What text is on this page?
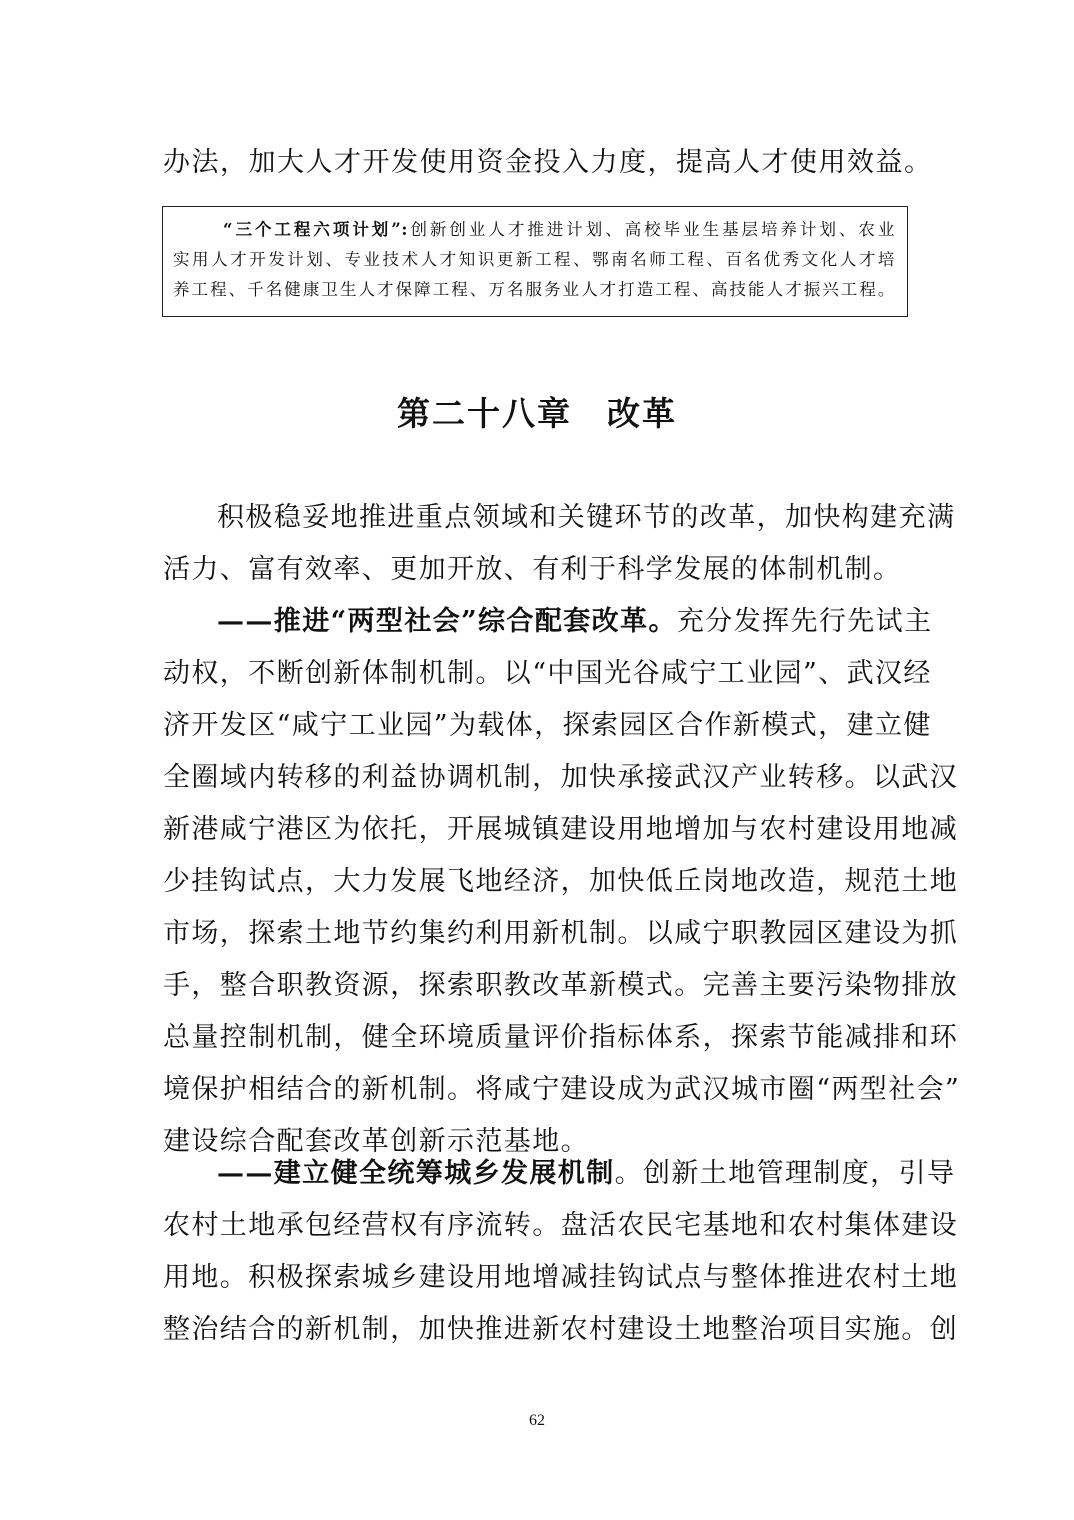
办法，加大人才开发使用资金投入力度，提高人才使用效益。
“三个工程六项计划”:创新创业人才推进计划、高校毕业生基层培养计划、农业
实用人才开发计划、专业技术人才知识更新工程、鄂南名师工程、百名优秀文化人才培
养工程、千名健康卫生人才保障工程、万名服务业人才打造工程、高技能人才振兴工程。
第二十八章　改革
积极稳妥地推进重点领域和关键环节的改革，加快构建充满
活力、富有效率、更加开放、有利于科学发展的体制机制。
——推进“两型社会”综合配套改革。充分发挥先行先试主
动权，不断创新体制机制。以“中国光谷咸宁工业园”、武汉经
济开发区“咸宁工业园”为载体，探索园区合作新模式，建立健
全圈域内转移的利益协调机制，加快承接武汉产业转移。以武汉
新港咸宁港区为依托，开展城镇建设用地增加与农村建设用地减
少挂钩试点，大力发展飞地经济，加快低丘岗地改造，规范土地
市场，探索土地节约集约利用新机制。以咸宁职教园区建设为抓
手，整合职教资源，探索职教改革新模式。完善主要污染物排放
总量控制机制，健全环境质量评价指标体系，探索节能减排和环
境保护相结合的新机制。将咸宁建设成为武汉城市圈“两型社会”
建设综合配套改革创新示范基地。
——建立健全统筹城乡发展机制。创新土地管理制度，引导
农村土地承包经营权有序流转。盘活农民宅基地和农村集体建设
用地。积极探索城乡建设用地增减挂钩试点与整体推进农村土地
整治结合的新机制，加快推进新农村建设土地整治项目实施。创
62
